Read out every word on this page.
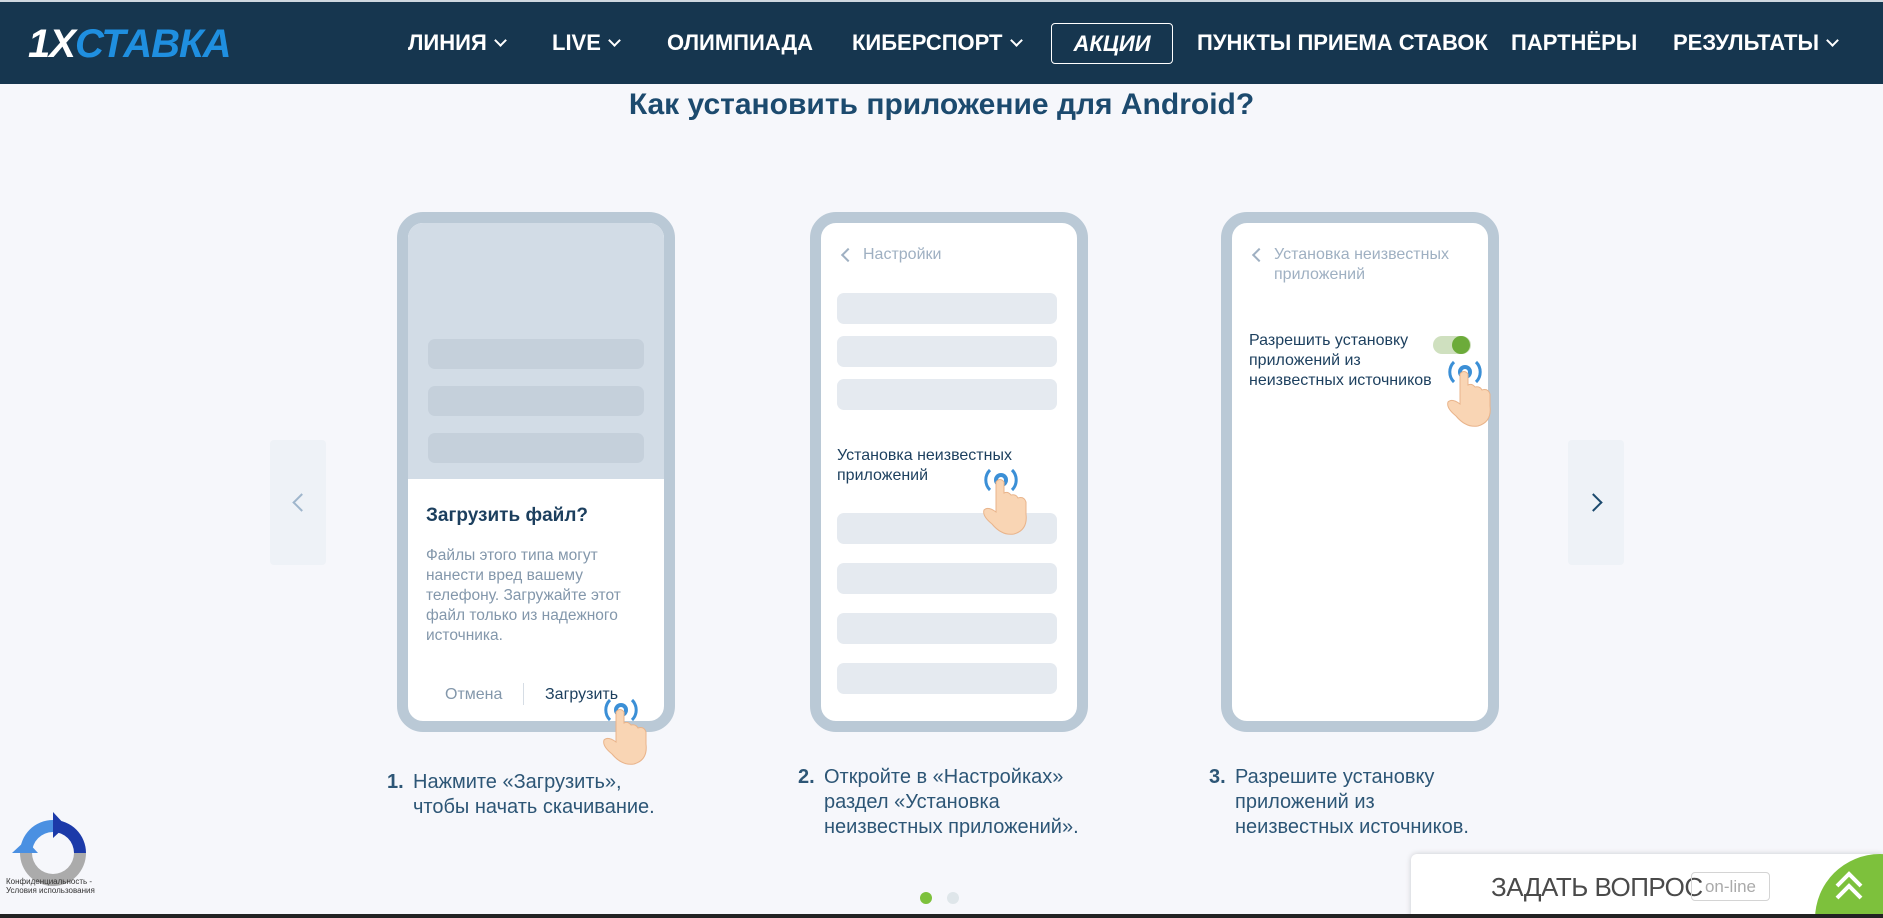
1X СТАВКА	ЛИНИЯ	LIVE	ОЛИМПИАДА КИБЕРСПОРТ	АКЦИИ	ПУНКТЫ ПРИЕМА СТАВОК ПАРТНЁРЫ РЕЗУЛЬТАТЫ
Как установить приложение для Android?
Загрузить файл?
Файлы этого типа могут нанести вред вашему телефону. Загружайте этот файл только из надежного источника.
Отмена	Загрузить
1. Нажмите «Загрузить»,
чтобы начать скачивание.
Настройки
Установка неизвестных приложений
2. Откройте в «Настройках»
раздел «Установка
неизвестных приложений».
Установка неизвестных приложений
Разрешить установку приложений из неизвестных источников
3. Разрешите установку
приложений из
неизвестных источников.
Конфиденциальность - Условия использования	ЗАДАТЬ ВОПРОС on-line
